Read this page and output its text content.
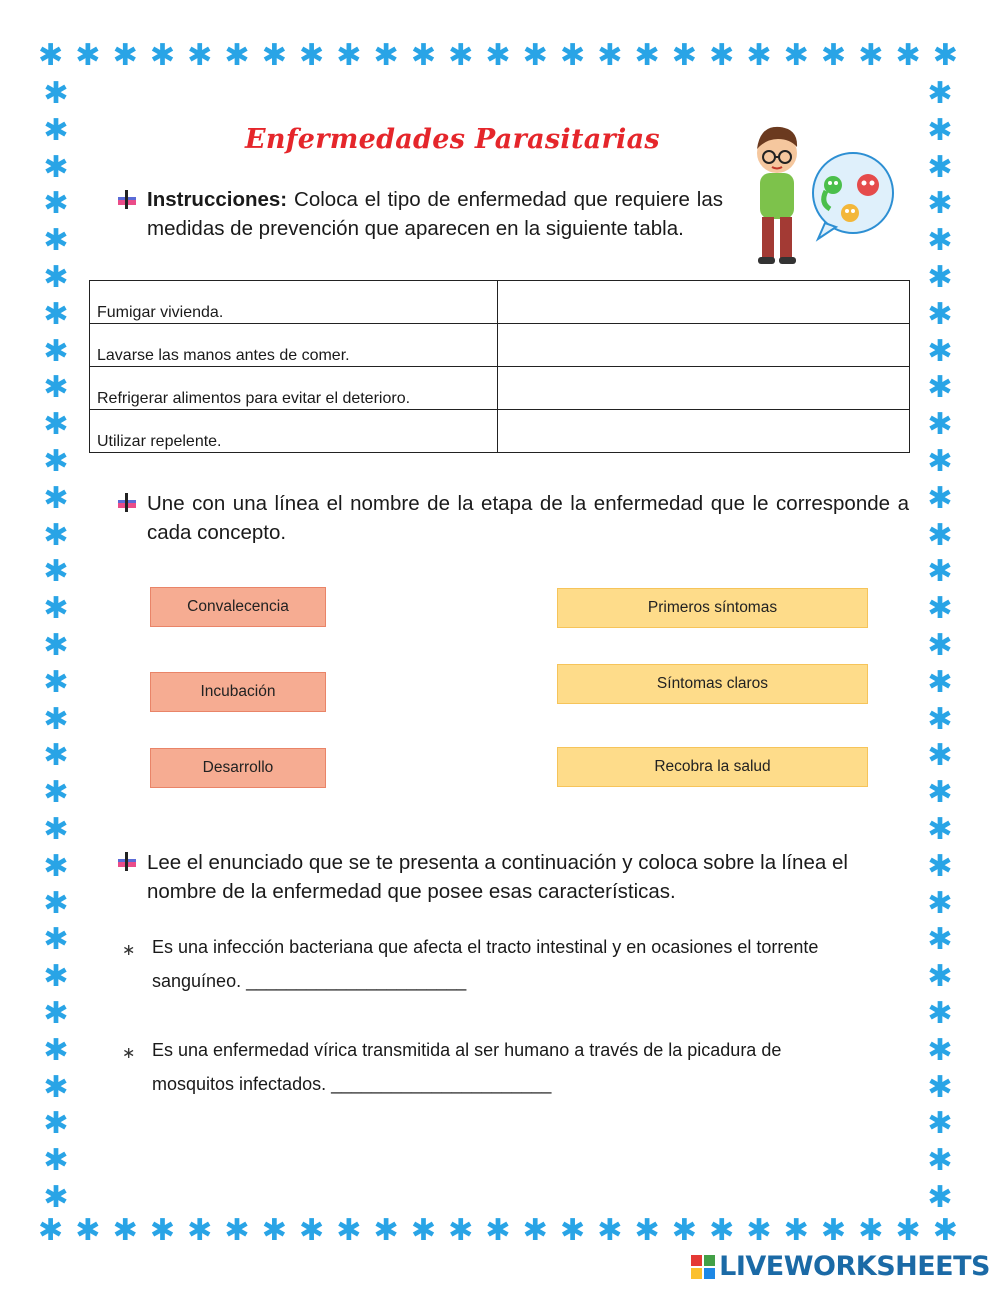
✱ ✱ ✱ ✱ ✱ ✱ ✱ ✱ ✱ ✱ ✱ ✱ ✱ ✱ ✱ ✱ ✱ ✱ ✱ ✱ ✱ ✱ ✱ ✱ ✱
✱ ✱ ✱ ✱ ✱ ✱ ✱ ✱ ✱ ✱ ✱ ✱ ✱ ✱ ✱ ✱ ✱ ✱ ✱ ✱ ✱ ✱ ✱ ✱ ✱
✱
✱
✱
✱
✱
✱
✱
✱
✱
✱
✱
✱
✱
✱
✱
✱
✱
✱
✱
✱
✱
✱
✱
✱
✱
✱
✱
✱
✱
✱
✱
✱
✱
✱
✱
✱
✱
✱
✱
✱
✱
✱
✱
✱
✱
✱
✱
✱
✱
✱
✱
✱
✱
✱
✱
✱
✱
✱
✱
✱
✱
✱
Enfermedades Parasitarias

Instrucciones: Coloca el tipo de enfermedad que requiere las medidas de prevención que aparecen en la siguiente tabla.

Fumigar vivienda.	
Lavarse las manos antes de comer.	
Refrigerar alimentos para evitar el deterioro.	
Utilizar repelente.	

Une con una línea el nombre de la etapa de la enfermedad que le corresponde a cada concepto.

Convalecencia
Incubación
Desarrollo
Primeros síntomas
Síntomas claros
Recobra la salud

Lee el enunciado que se te presenta a continuación y coloca sobre la línea el nombre de la enfermedad que posee esas características.

∗ Es una infección bacteriana que afecta el tracto intestinal y en ocasiones el torrente

sanguíneo. ______________________

∗ Es una enfermedad vírica transmitida al ser humano a través de la picadura de

mosquitos infectados. ______________________

LIVEWORKSHEETS
